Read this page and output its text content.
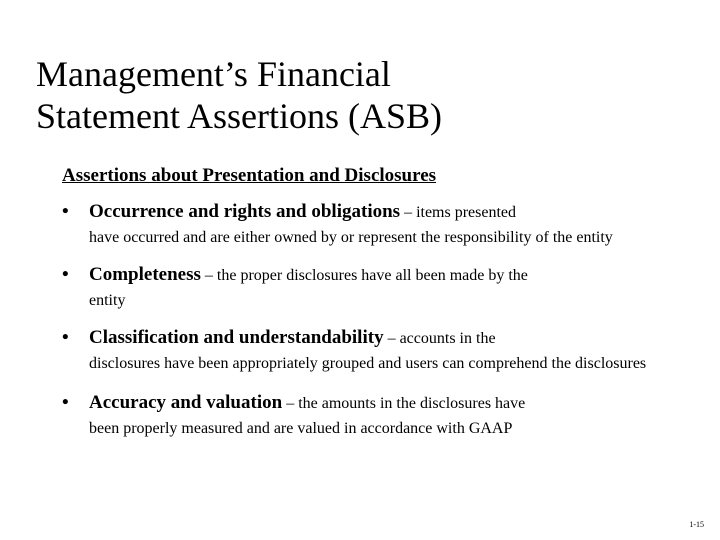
Management’s Financial
Statement Assertions (ASB)
Assertions about Presentation and Disclosures
• Occurrence and rights and obligations – items presented
have occurred and are either owned by or represent the responsibility of the entity
• Completeness – the proper disclosures have all been made by the
entity
• Classification and understandability – accounts in the
disclosures have been appropriately grouped and users can comprehend the disclosures
• Accuracy and valuation – the amounts in the disclosures have
been properly measured and are valued in accordance with GAAP
1-15
